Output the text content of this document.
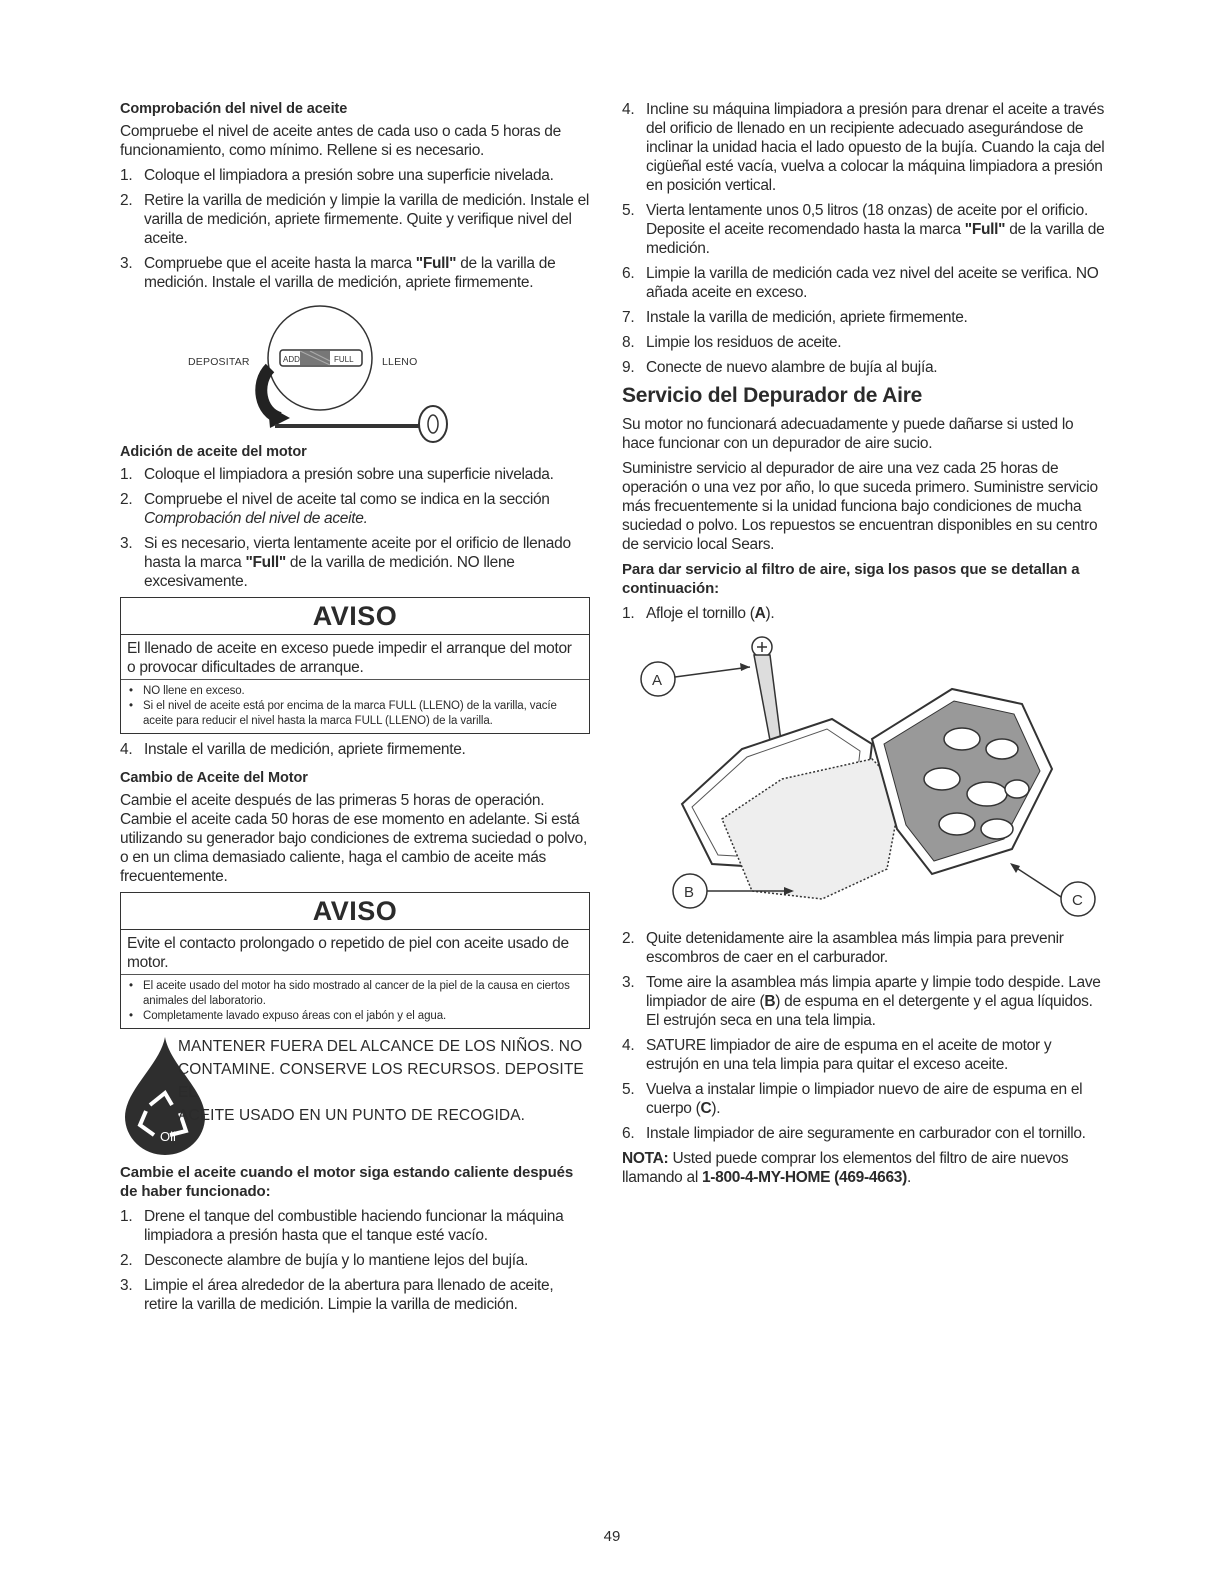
Comprobación del nivel de aceite

Compruebe el nivel de aceite antes de cada uso o cada 5 horas de funcionamiento, como mínimo. Rellene si es necesario.

1. Coloque el limpiadora a presión sobre una superficie nivelada.
2. Retire la varilla de medición y limpie la varilla de medición. Instale el varilla de medición, apriete firmemente. Quite y verifique nivel del aceite.
3. Compruebe que el aceite hasta la marca "Full" de la varilla de medición. Instale el varilla de medición, apriete firmemente.
DEPOSITAR	LLENO
ADD	FULL
Adición de aceite del motor
1. Coloque el limpiadora a presión sobre una superficie nivelada.
2. Compruebe el nivel de aceite tal como se indica en la sección Comprobación del nivel de aceite.
3. Si es necesario, vierta lentamente aceite por el orificio de llenado hasta la marca "Full" de la varilla de medición. NO llene excesivamente.
AVISO
El llenado de aceite en exceso puede impedir el arranque del motor o provocar dificultades de arranque.
• NO llene en exceso.
• Si el nivel de aceite está por encima de la marca FULL (LLENO) de la varilla, vacíe aceite para reducir el nivel hasta la marca FULL (LLENO) de la varilla.
4. Instale el varilla de medición, apriete firmemente.
Cambio de Aceite del Motor

Cambie el aceite después de las primeras 5 horas de operación. Cambie el aceite cada 50 horas de ese momento en adelante. Si está utilizando su generador bajo condiciones de extrema suciedad o polvo, o en un clima demasiado caliente, haga el cambio de aceite más frecuentemente.

AVISO
Evite el contacto prolongado o repetido de piel con aceite usado de motor.
• El aceite usado del motor ha sido mostrado al cancer de la piel de la causa en ciertos animales del laboratorio.
• Completamente lavado expuso áreas con el jabón y el agua.
Oil
MANTENER FUERA DEL ALCANCE DE LOS NIÑOS. NO
CONTAMINE. CONSERVE LOS RECURSOS. DEPOSITE EL
ACEITE USADO EN UN PUNTO DE RECOGIDA.
Cambie el aceite cuando el motor siga estando caliente después de haber funcionado:
1. Drene el tanque del combustible haciendo funcionar la máquina limpiadora a presión hasta que el tanque esté vacío.
2. Desconecte alambre de bujía y lo mantiene lejos del bujía.
3. Limpie el área alrededor de la abertura para llenado de aceite, retire la varilla de medición. Limpie la varilla de medición.
4. Incline su máquina limpiadora a presión para drenar el aceite a través del orificio de llenado en un recipiente adecuado asegurándose de inclinar la unidad hacia el lado opuesto de la bujía. Cuando la caja del cigüeñal esté vacía, vuelva a colocar la máquina limpiadora a presión en posición vertical.
5. Vierta lentamente unos 0,5 litros (18 onzas) de aceite por el orificio. Deposite el aceite recomendado hasta la marca "Full" de la varilla de medición.
6. Limpie la varilla de medición cada vez nivel del aceite se verifica. NO añada aceite en exceso.
7. Instale la varilla de medición, apriete firmemente.
8. Limpie los residuos de aceite.
9. Conecte de nuevo alambre de bujía al bujía.
Servicio del Depurador de Aire

Su motor no funcionará adecuadamente y puede dañarse si usted lo hace funcionar con un depurador de aire sucio.

Suministre servicio al depurador de aire una vez cada 25 horas de operación o una vez por año, lo que suceda primero. Suministre servicio más frecuentemente si la unidad funciona bajo condiciones de mucha suciedad o polvo. Los repuestos se encuentran disponibles en su centro de servicio local Sears.

Para dar servicio al filtro de aire, siga los pasos que se detallan a continuación:
1. Afloje el tornillo (A).
A
B	C
2. Quite detenidamente aire la asamblea más limpia para prevenir escombros de caer en el carburador.
3. Tome aire la asamblea más limpia aparte y limpie todo despide. Lave limpiador de aire (B) de espuma en el detergente y el agua líquidos. El estrujón seca en una tela limpia.
4. SATURE limpiador de aire de espuma en el aceite de motor y estrujón en una tela limpia para quitar el exceso aceite.
5. Vuelva a instalar limpie o limpiador nuevo de aire de espuma en el cuerpo (C).
6. Instale limpiador de aire seguramente en carburador con el tornillo.

NOTA: Usted puede comprar los elementos del filtro de aire nuevos llamando al 1-800-4-MY-HOME (469-4663).

49
